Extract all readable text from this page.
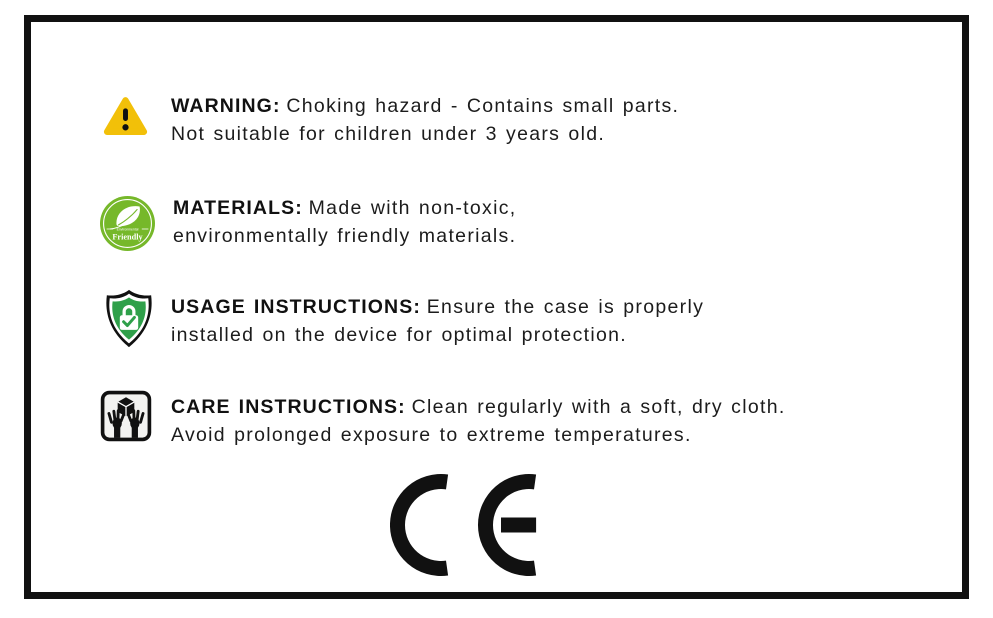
WARNING: Choking hazard - Contains small parts.
Not suitable for children under 3 years old.
Environmental
Friendly
MATERIALS: Made with non-toxic,
environmentally friendly materials.
USAGE INSTRUCTIONS: Ensure the case is properly
installed on the device for optimal protection.
CARE INSTRUCTIONS: Clean regularly with a soft, dry cloth.
Avoid prolonged exposure to extreme temperatures.
